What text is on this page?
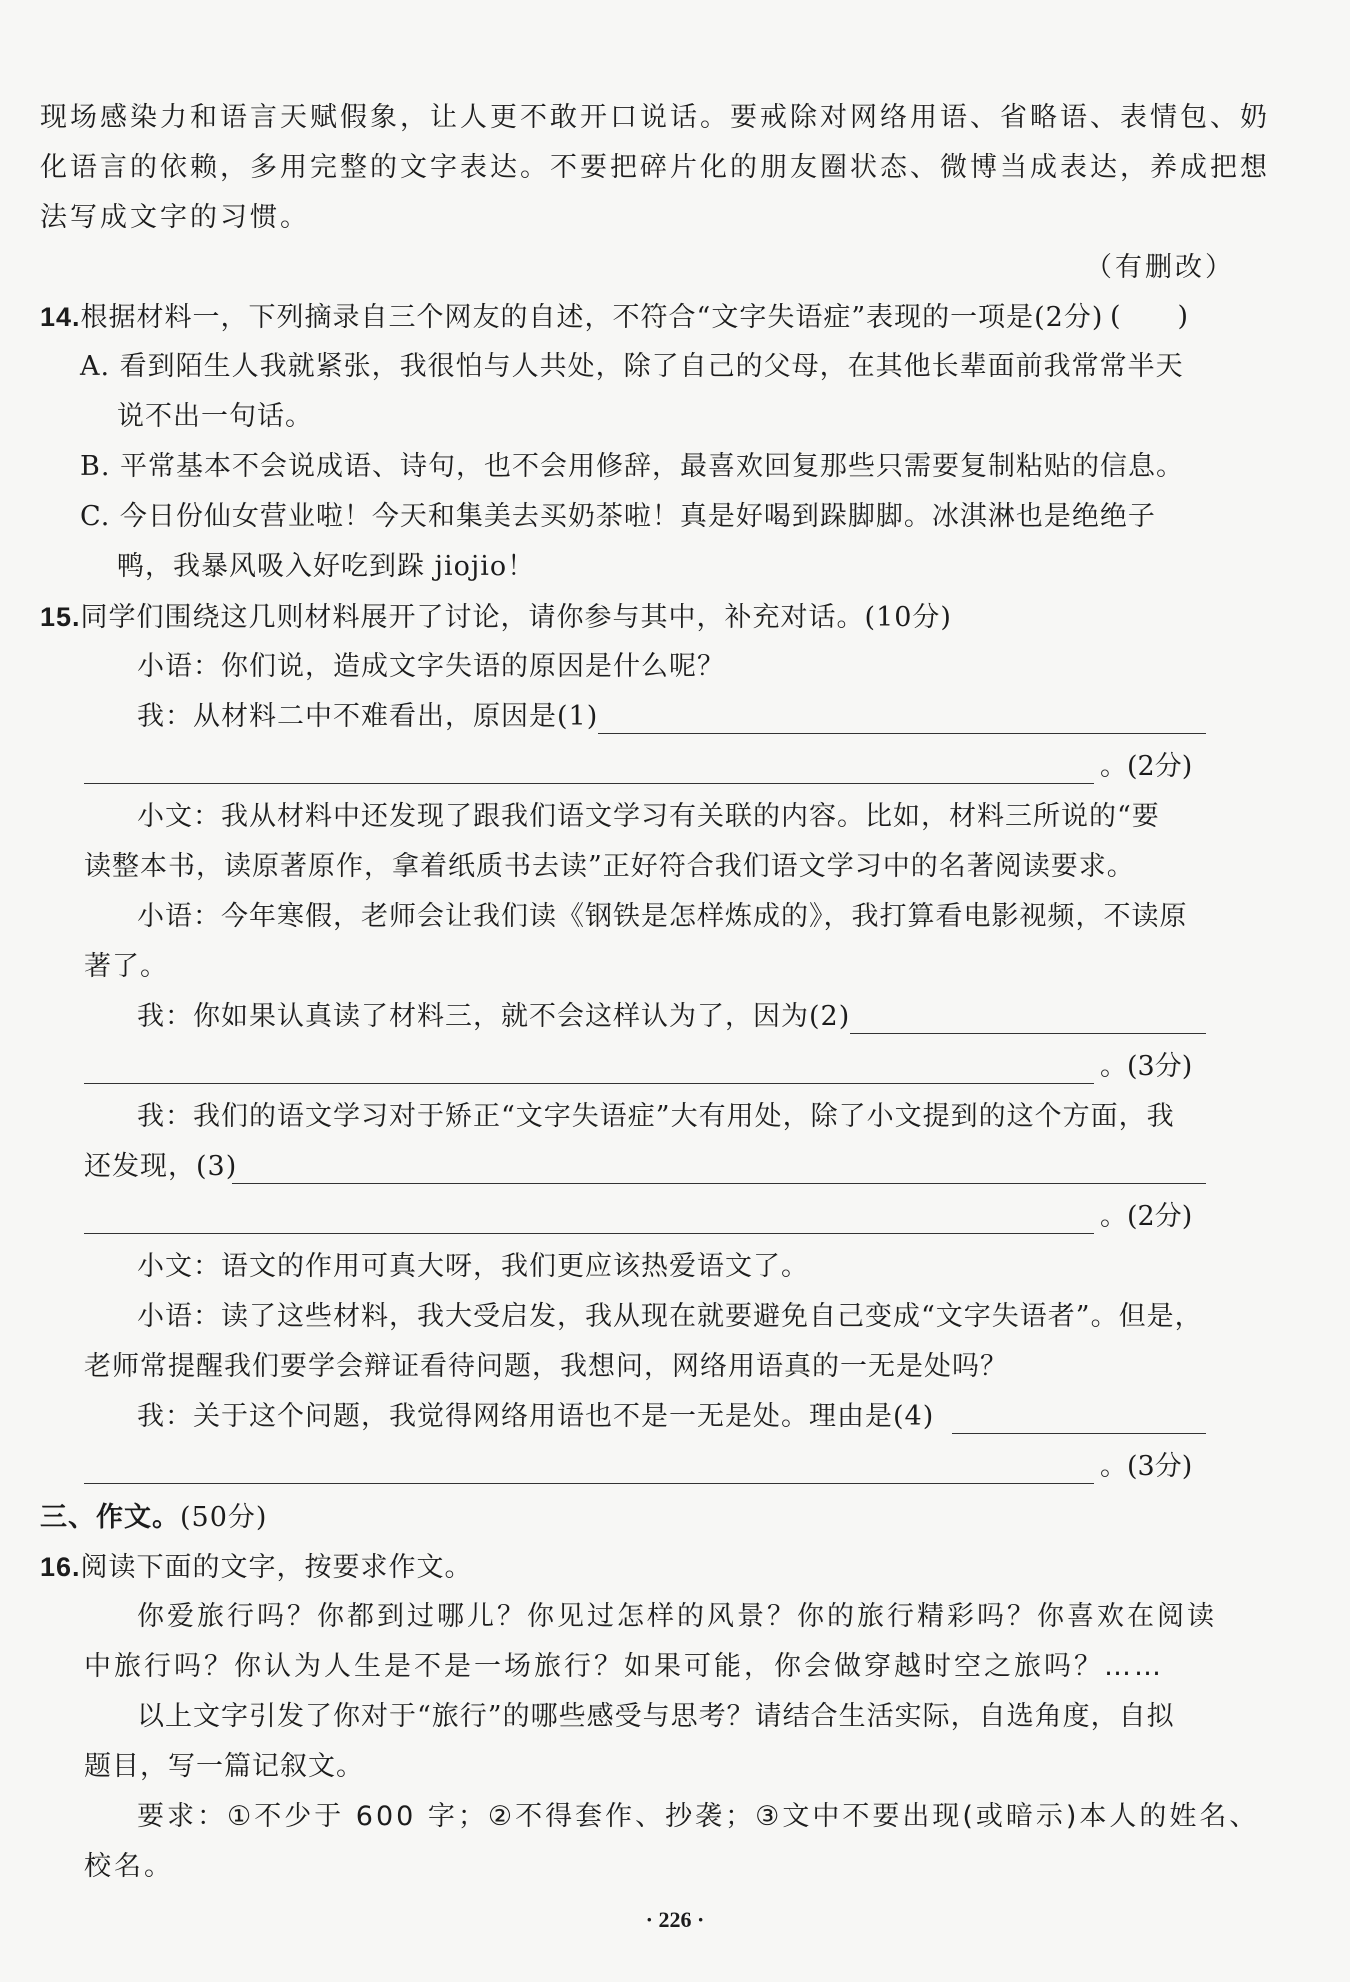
现场感染力和语言天赋假象，让人更不敢开口说话。要戒除对网络用语、省略语、表情包、奶
化语言的依赖，多用完整的文字表达。不要把碎片化的朋友圈状态、微博当成表达，养成把想
法写成文字的习惯。
（有删改）
14.根据材料一，下列摘录自三个网友的自述，不符合“文字失语症”表现的一项是(2分) (　　)
A. 看到陌生人我就紧张，我很怕与人共处，除了自己的父母，在其他长辈面前我常常半天
说不出一句话。
B. 平常基本不会说成语、诗句，也不会用修辞，最喜欢回复那些只需要复制粘贴的信息。
C. 今日份仙女营业啦！今天和集美去买奶茶啦！真是好喝到跺脚脚。冰淇淋也是绝绝子
鸭，我暴风吸入好吃到跺 jiojio！
15.同学们围绕这几则材料展开了讨论，请你参与其中，补充对话。(10分)
小语：你们说，造成文字失语的原因是什么呢？
我：从材料二中不难看出，原因是(1)
。(2分)
小文：我从材料中还发现了跟我们语文学习有关联的内容。比如，材料三所说的“要
读整本书，读原著原作，拿着纸质书去读”正好符合我们语文学习中的名著阅读要求。
小语：今年寒假，老师会让我们读《钢铁是怎样炼成的》，我打算看电影视频，不读原
著了。
我：你如果认真读了材料三，就不会这样认为了，因为(2)
。(3分)
我：我们的语文学习对于矫正“文字失语症”大有用处，除了小文提到的这个方面，我
还发现，(3)
。(2分)
小文：语文的作用可真大呀，我们更应该热爱语文了。
小语：读了这些材料，我大受启发，我从现在就要避免自己变成“文字失语者”。但是，
老师常提醒我们要学会辩证看待问题，我想问，网络用语真的一无是处吗？
我：关于这个问题，我觉得网络用语也不是一无是处。理由是(4)
。(3分)
三、作文。(50分)
16.阅读下面的文字，按要求作文。
你爱旅行吗？你都到过哪儿？你见过怎样的风景？你的旅行精彩吗？你喜欢在阅读
中旅行吗？你认为人生是不是一场旅行？如果可能，你会做穿越时空之旅吗？……
以上文字引发了你对于“旅行”的哪些感受与思考？请结合生活实际，自选角度，自拟
题目，写一篇记叙文。
要求：①不少于 600 字；②不得套作、抄袭；③文中不要出现(或暗示)本人的姓名、
校名。
· 226 ·
